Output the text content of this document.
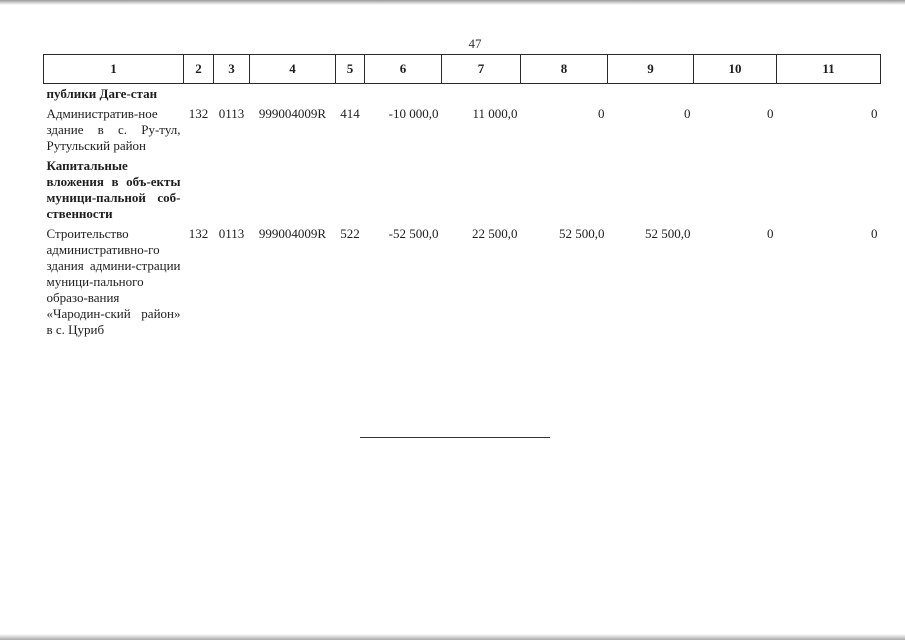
47
1	2	3	4	5	6	7	8	9	10	11
публики Даге-стан										
Административ-ное здание в с. Ру-тул, Рутульский район	132	0113	999004009R	414	-10 000,0	11 000,0	0	0	0	0
Капитальные вложения в объ-екты муници-пальной соб-ственности										
Строительство административно-го здания админи-страции муници-пального образо-вания «Чародин-ский район» в с. Цуриб	132	0113	999004009R	522	-52 500,0	22 500,0	52 500,0	52 500,0	0	0
